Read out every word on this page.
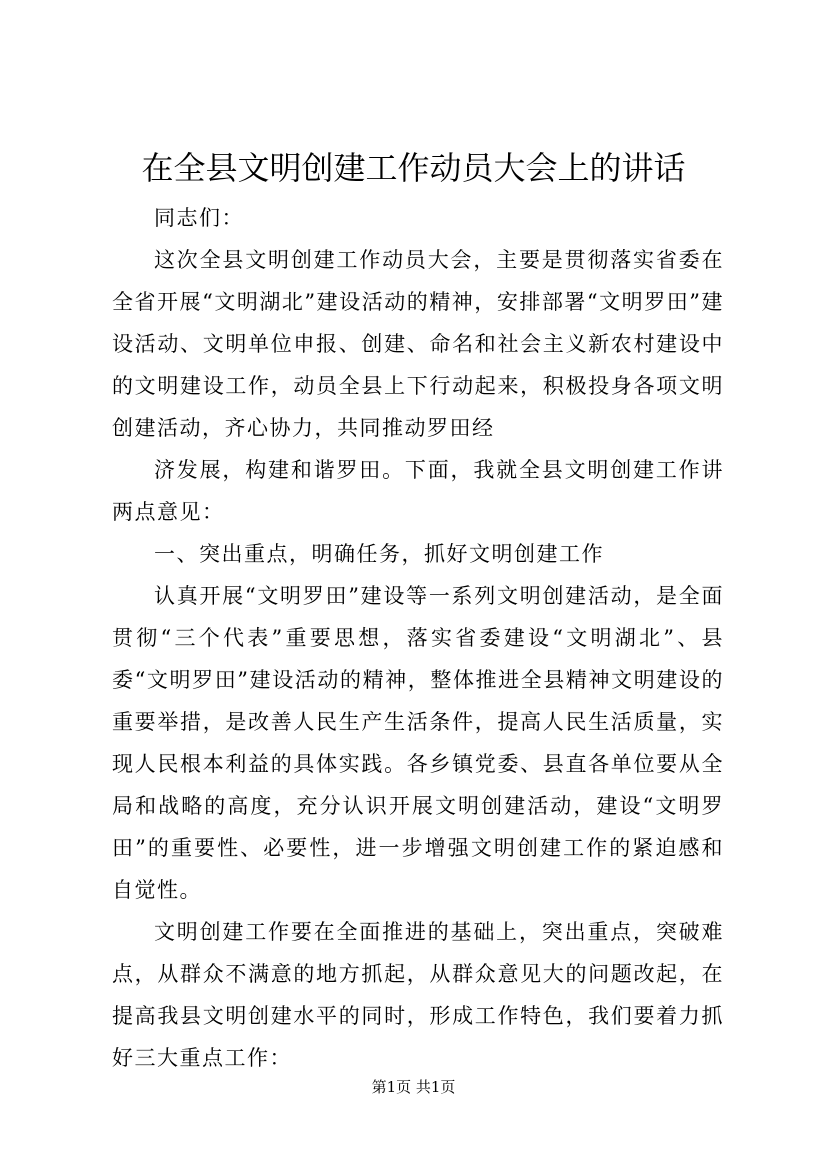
在全县文明创建工作动员大会上的讲话

同志们：

这次全县文明创建工作动员大会，主要是贯彻落实省委在全省开展“文明湖北”建设活动的精神，安排部署“文明罗田”建设活动、文明单位申报、创建、命名和社会主义新农村建设中的文明建设工作，动员全县上下行动起来，积极投身各项文明创建活动，齐心协力，共同推动罗田经

济发展，构建和谐罗田。下面，我就全县文明创建工作讲两点意见：

一、突出重点，明确任务，抓好文明创建工作

认真开展“文明罗田”建设等一系列文明创建活动，是全面贯彻“三个代表”重要思想，落实省委建设“文明湖北”、县委“文明罗田”建设活动的精神，整体推进全县精神文明建设的重要举措，是改善人民生产生活条件，提高人民生活质量，实现人民根本利益的具体实践。各乡镇党委、县直各单位要从全局和战略的高度，充分认识开展文明创建活动，建设“文明罗田”的重要性、必要性，进一步增强文明创建工作的紧迫感和自觉性。

文明创建工作要在全面推进的基础上，突出重点，突破难点，从群众不满意的地方抓起，从群众意见大的问题改起，在提高我县文明创建水平的同时，形成工作特色，我们要着力抓好三大重点工作：

第1页 共1页
